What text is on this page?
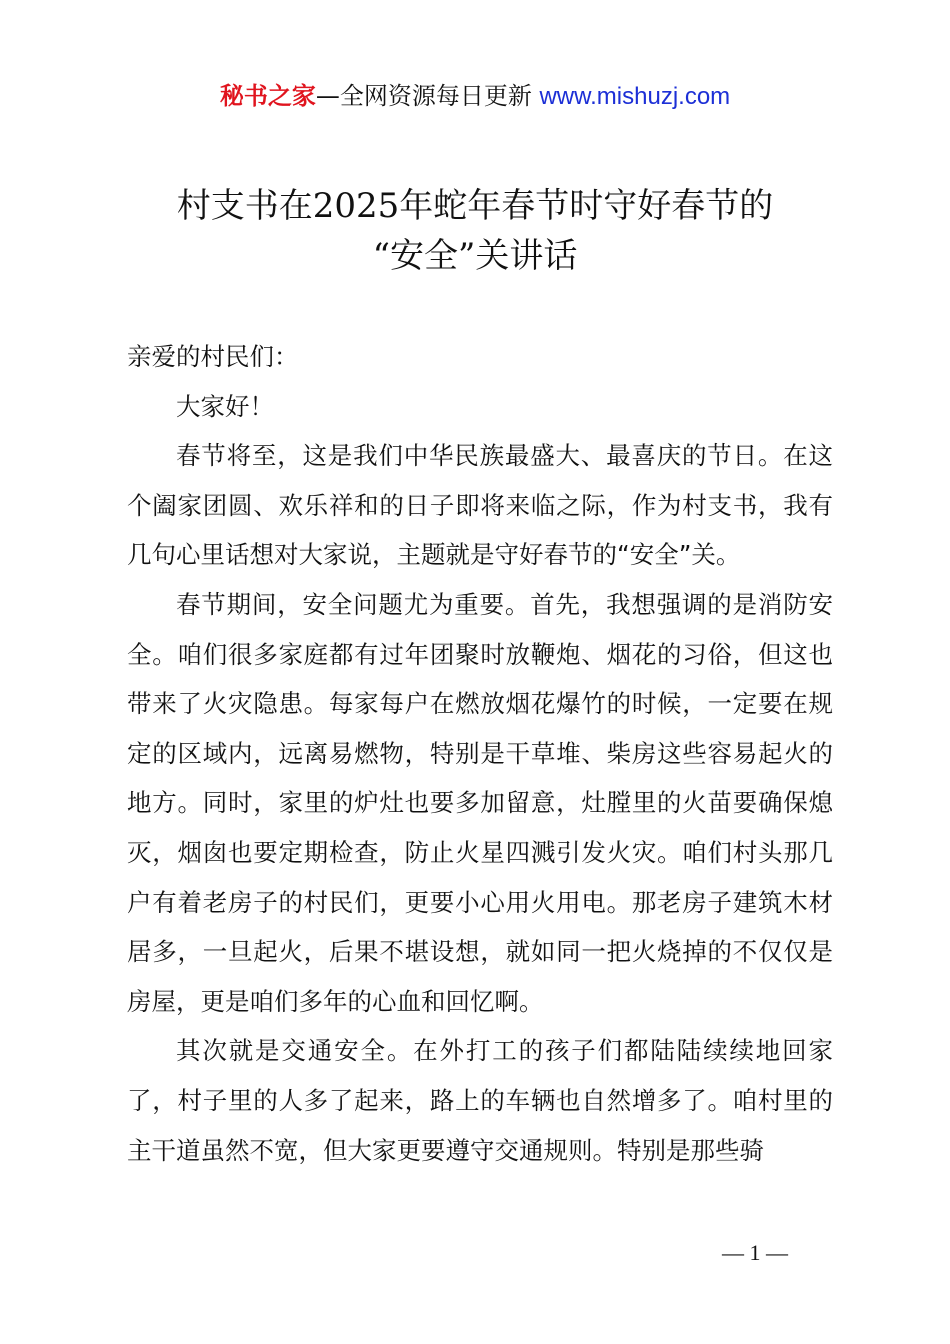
秘书之家—全网资源每日更新 www.mishuzj.com
村支书在2025年蛇年春节时守好春节的
“安全”关讲话

亲爱的村民们：

大家好！

春节将至，这是我们中华民族最盛大、最喜庆的节日。在这个阖家团圆、欢乐祥和的日子即将来临之际，作为村支书，我有几句心里话想对大家说，主题就是守好春节的“安全”关。

春节期间，安全问题尤为重要。首先，我想强调的是消防安全。咱们很多家庭都有过年团聚时放鞭炮、烟花的习俗，但这也带来了火灾隐患。每家每户在燃放烟花爆竹的时候，一定要在规定的区域内，远离易燃物，特别是干草堆、柴房这些容易起火的地方。同时，家里的炉灶也要多加留意，灶膛里的火苗要确保熄灭，烟囱也要定期检查，防止火星四溅引发火灾。咱们村头那几户有着老房子的村民们，更要小心用火用电。那老房子建筑木材居多，一旦起火，后果不堪设想，就如同一把火烧掉的不仅仅是房屋，更是咱们多年的心血和回忆啊。

其次就是交通安全。在外打工的孩子们都陆陆续续地回家了，村子里的人多了起来，路上的车辆也自然增多了。咱村里的主干道虽然不宽，但大家更要遵守交通规则。特别是那些骑

— 1 —
